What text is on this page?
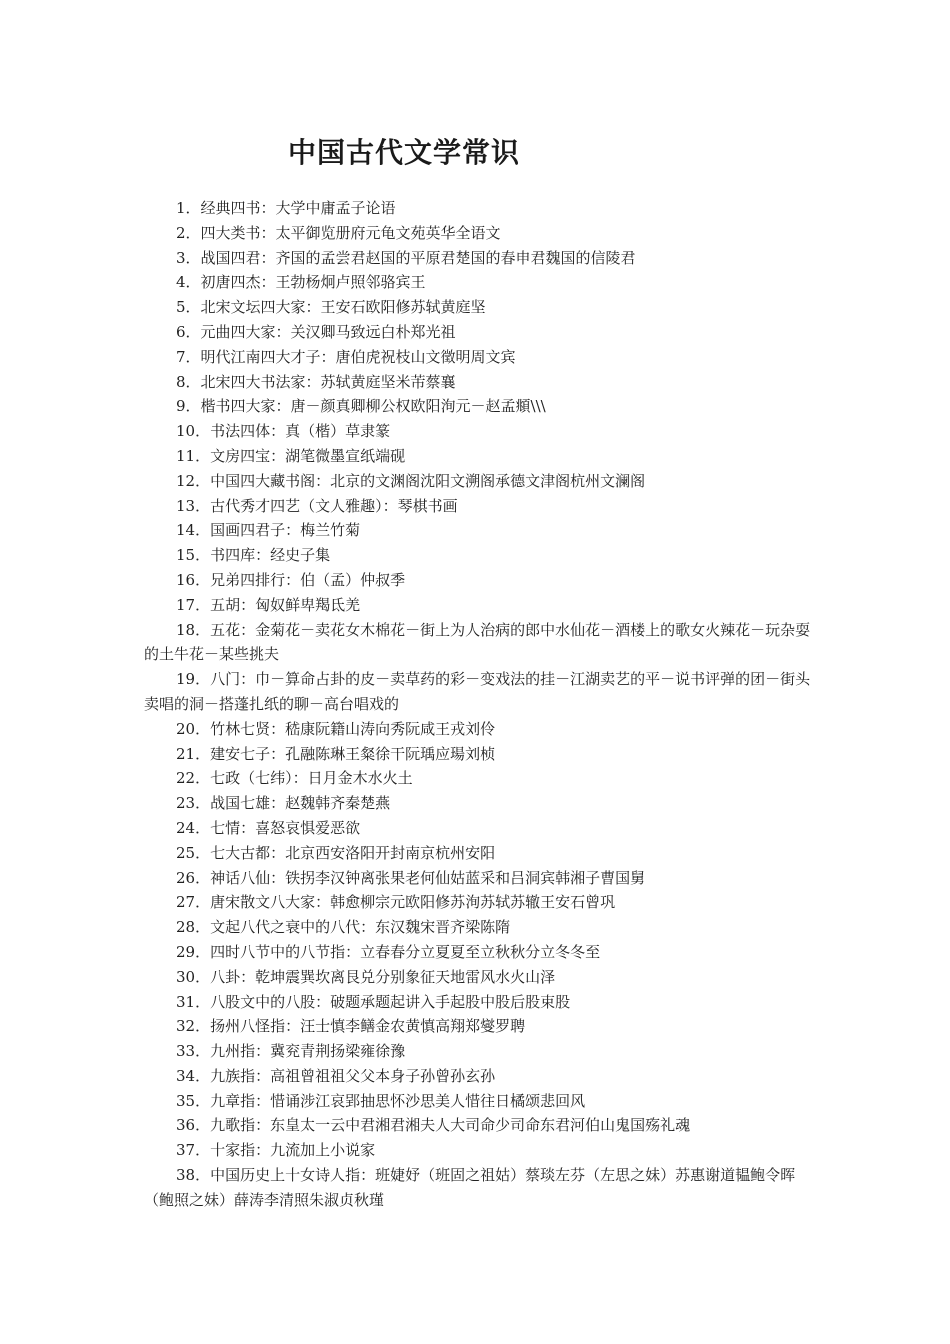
中国古代文学常识
1．经典四书：大学中庸孟子论语
2．四大类书：太平御览册府元龟文苑英华全语文
3．战国四君：齐国的孟尝君赵国的平原君楚国的春申君魏国的信陵君
4．初唐四杰：王勃杨炯卢照邻骆宾王
5．北宋文坛四大家：王安石欧阳修苏轼黄庭坚
6．元曲四大家：关汉卿马致远白朴郑光祖
7．明代江南四大才子：唐伯虎祝枝山文徵明周文宾
8．北宋四大书法家：苏轼黄庭坚米芾蔡襄
9．楷书四大家：唐－颜真卿柳公权欧阳洵元－赵孟頫\\\
10．书法四体：真（楷）草隶篆
11．文房四宝：湖笔微墨宣纸端砚
12．中国四大藏书阁：北京的文渊阁沈阳文溯阁承德文津阁杭州文澜阁
13．古代秀才四艺（文人雅趣）：琴棋书画
14．国画四君子：梅兰竹菊
15．书四库：经史子集
16．兄弟四排行：伯（孟）仲叔季
17．五胡：匈奴鲜卑羯氐羌
18．五花：金菊花－卖花女木棉花－街上为人治病的郎中水仙花－酒楼上的歌女火辣花－玩杂耍的土牛花－某些挑夫
19．八门：巾－算命占卦的皮－卖草药的彩－变戏法的挂－江湖卖艺的平－说书评弹的团－街头卖唱的洞－搭蓬扎纸的聊－高台唱戏的
20．竹林七贤：嵇康阮籍山涛向秀阮咸王戎刘伶
21．建安七子：孔融陈琳王粲徐干阮瑀应瑒刘桢
22．七政（七纬）：日月金木水火土
23．战国七雄：赵魏韩齐秦楚燕
24．七情：喜怒哀惧爱恶欲
25．七大古都：北京西安洛阳开封南京杭州安阳
26．神话八仙：铁拐李汉钟离张果老何仙姑蓝采和吕洞宾韩湘子曹国舅
27．唐宋散文八大家：韩愈柳宗元欧阳修苏洵苏轼苏辙王安石曾巩
28．文起八代之衰中的八代：东汉魏宋晋齐梁陈隋
29．四时八节中的八节指：立春春分立夏夏至立秋秋分立冬冬至
30．八卦：乾坤震巽坎离艮兑分别象征天地雷风水火山泽
31．八股文中的八股：破题承题起讲入手起股中股后股束股
32．扬州八怪指：汪士慎李鳝金农黄慎高翔郑燮罗聘
33．九州指：冀兖青荆扬梁雍徐豫
34．九族指：高祖曾祖祖父父本身子孙曾孙玄孙
35．九章指：惜诵涉江哀郢抽思怀沙思美人惜往日橘颂悲回风
36．九歌指：东皇太一云中君湘君湘夫人大司命少司命东君河伯山鬼国殇礼魂
37．十家指：九流加上小说家
38．中国历史上十女诗人指：班婕妤（班固之祖姑）蔡琰左芬（左思之妹）苏惠谢道韫鲍令晖（鲍照之妹）薛涛李清照朱淑贞秋瑾
